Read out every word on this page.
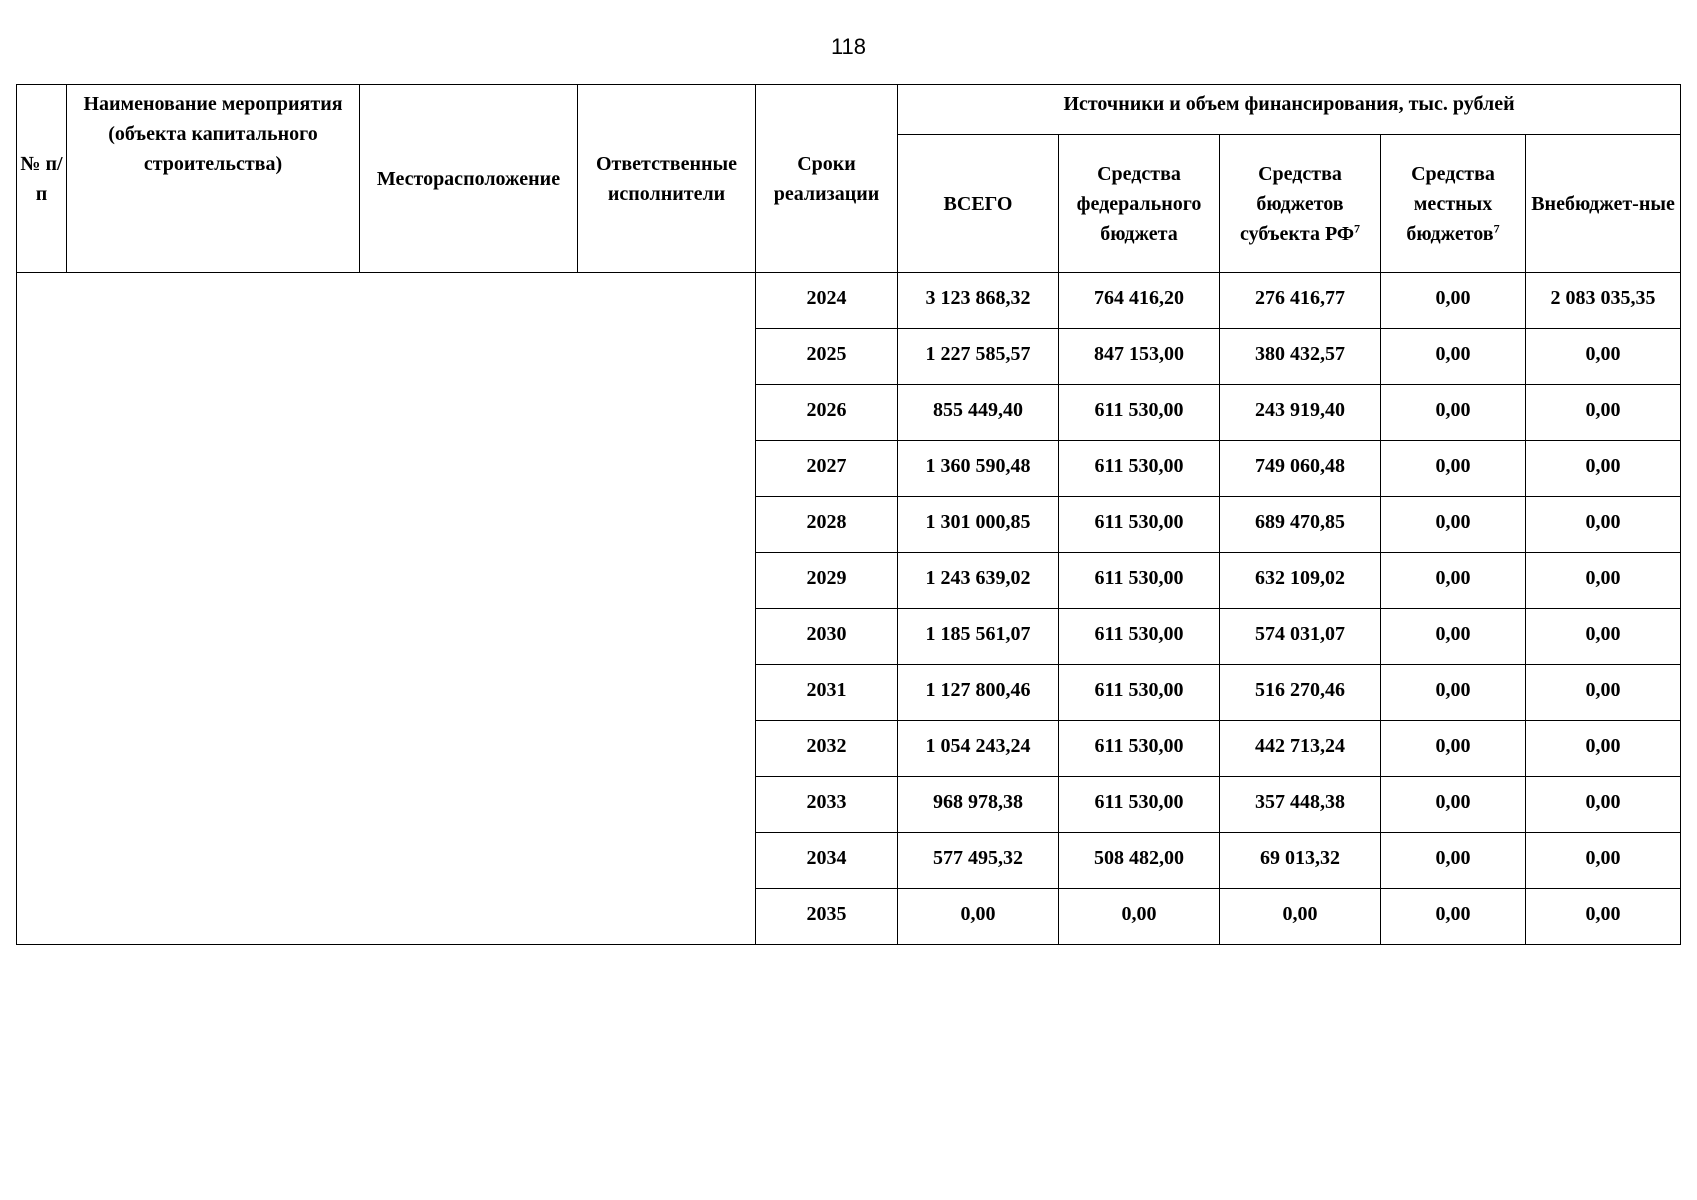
118
№ п/п	Наименование мероприятия (объекта капитального строительства)	Месторасположение	Ответственные исполнители	Сроки реализации	Источники и объем финансирования, тыс. рублей				
					ВСЕГО	Средства федерального бюджета	Средства бюджетов субъекта $РФ^7$	Средства местных бюджетов$^7$	Внебюджет-ные
				2024	3 123 868,32	764 416,20	276 416,77	0,00	2 083 035,35
				2025	1 227 585,57	847 153,00	380 432,57	0,00	0,00
				2026	855 449,40	611 530,00	243 919,40	0,00	0,00
				2027	1 360 590,48	611 530,00	749 060,48	0,00	0,00
				2028	1 301 000,85	611 530,00	689 470,85	0,00	0,00
				2029	1 243 639,02	611 530,00	632 109,02	0,00	0,00
				2030	1 185 561,07	611 530,00	574 031,07	0,00	0,00
				2031	1 127 800,46	611 530,00	516 270,46	0,00	0,00
				2032	1 054 243,24	611 530,00	442 713,24	0,00	0,00
				2033	968 978,38	611 530,00	357 448,38	0,00	0,00
				2034	577 495,32	508 482,00	69 013,32	0,00	0,00
				2035	0,00	0,00	0,00	0,00	0,00
